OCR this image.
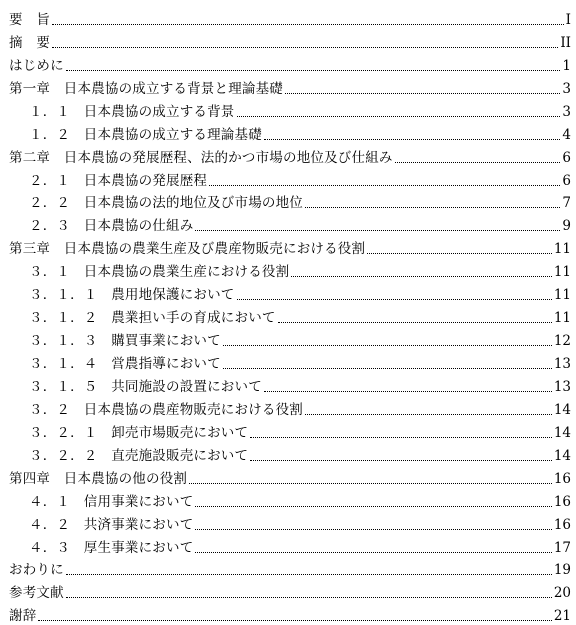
要　旨	I
摘　要	II
はじめに	1
第一章　日本農協の成立する背景と理論基礎	3
１．１　日本農協の成立する背景	3
１．２　日本農協の成立する理論基礎	4
第二章　日本農協の発展歴程、法的かつ市場の地位及び仕組み	6
２．１　日本農協の発展歴程	6
２．２　日本農協の法的地位及び市場の地位	7
２．３　日本農協の仕組み	9
第三章　日本農協の農業生産及び農産物販売における役割	11
３．１　日本農協の農業生産における役割	11
３．１．１　農用地保護において	11
３．１．２　農業担い手の育成において	11
３．１．３　購買事業において	12
３．１．４　営農指導において	13
３．１．５　共同施設の設置において	13
３．２　日本農協の農産物販売における役割	14
３．２．１　卸売市場販売において	14
３．２．２　直売施設販売において	14
第四章　日本農協の他の役割	16
４．１　信用事業において	16
４．２　共済事業において	16
４．３　厚生事業において	17
おわりに	19
参考文献	20
謝辞	21
